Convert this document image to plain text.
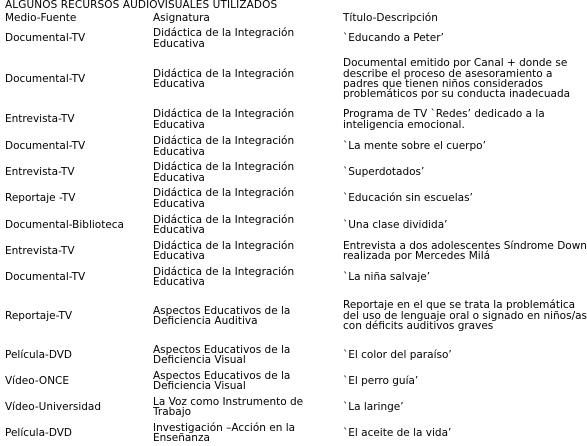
ALGUNOS RECURSOS AUDIOVISUALES UTILIZADOS
Medio-Fuente	Asignatura	Título-Descripción
Documental-TV	Didáctica de la Integración Educativa	`Educando a Peter’
Documental-TV	Didáctica de la Integración Educativa	Documental emitido por Canal + donde se describe el proceso de asesoramiento a padres que tienen niños considerados problemáticos por su conducta inadecuada
Entrevista-TV	Didáctica de la Integración Educativa	Programa de TV `Redes’ dedicado a la inteligencia emocional.
Documental-TV	Didáctica de la Integración Educativa	`La mente sobre el cuerpo’
Entrevista-TV	Didáctica de la Integración Educativa	`Superdotados’
Reportaje -TV	Didáctica de la Integración Educativa	`Educación sin escuelas’
Documental-Biblioteca	Didáctica de la Integración Educativa	`Una clase dividida’
Entrevista-TV	Didáctica de la Integración Educativa	Entrevista a dos adolescentes Síndrome Down realizada por Mercedes Milá
Documental-TV	Didáctica de la Integración Educativa	`La niña salvaje’
Reportaje-TV	Aspectos Educativos de la Deficiencia Auditiva	Reportaje en el que se trata la problemática del uso de lenguaje oral o signado en niños/as con déficits auditivos graves
Película-DVD	Aspectos Educativos de la Deficiencia Visual	`El color del paraíso’
Vídeo-ONCE	Aspectos Educativos de la Deficiencia Visual	`El perro guía’
Vídeo-Universidad	La Voz como Instrumento de Trabajo	`La laringe’
Película-DVD	Investigación –Acción en la Enseñanza	`El aceite de la vida’
